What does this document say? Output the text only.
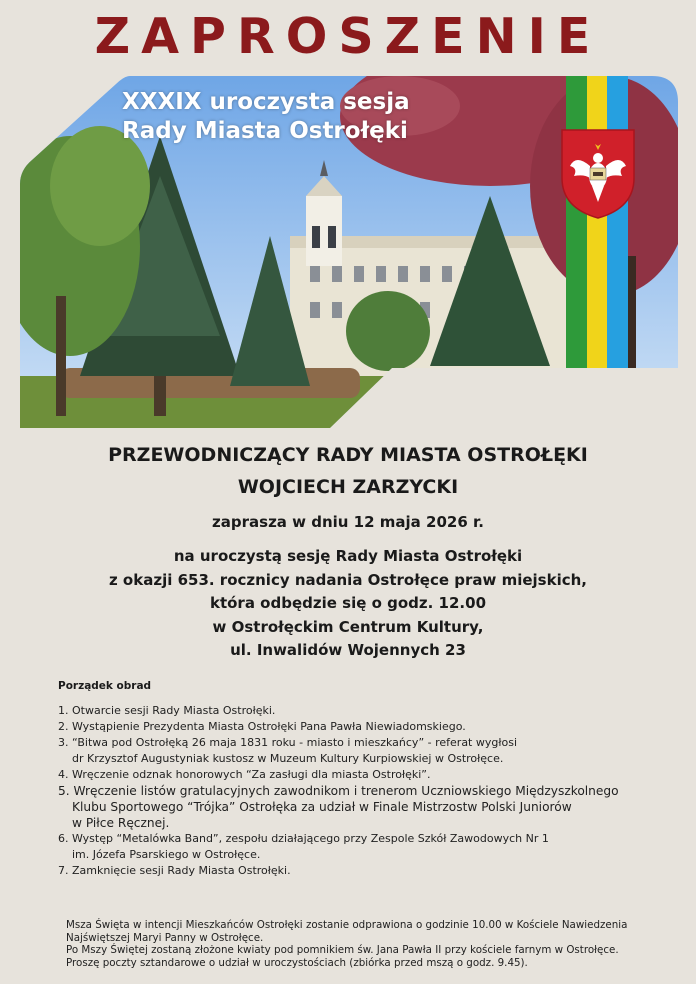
ZAPROSZENIE
XXXIX uroczysta sesja
Rady Miasta Ostrołęki
PRZEWODNICZĄCY RADY MIASTA OSTROŁĘKI
WOJCIECH ZARZYCKI
zaprasza w dniu 12 maja 2026 r.
na uroczystą sesję Rady Miasta Ostrołęki
z okazji 653. rocznicy nadania Ostrołęce praw miejskich,
która odbędzie się o godz. 12.00
w Ostrołęckim Centrum Kultury,
ul. Inwalidów Wojennych 23
Porządek obrad
1. Otwarcie sesji Rady Miasta Ostrołęki.
2. Wystąpienie Prezydenta Miasta Ostrołęki Pana Pawła Niewiadomskiego.
3. “Bitwa pod Ostrołęką 26 maja 1831 roku - miasto i mieszkańcy” - referat wygłosi
dr Krzysztof Augustyniak kustosz w Muzeum Kultury Kurpiowskiej w Ostrołęce.
4. Wręczenie odznak honorowych “Za zasługi dla miasta Ostrołęki”.
5. Wręczenie listów gratulacyjnych zawodnikom i trenerom Uczniowskiego Międzyszkolnego
Klubu Sportowego “Trójka” Ostrołęka za udział w Finale Mistrzostw Polski Juniorów
w Piłce Ręcznej.
6. Występ “Metalówka Band”, zespołu działającego przy Zespole Szkół Zawodowych Nr 1
im. Józefa Psarskiego w Ostrołęce.
7. Zamknięcie sesji Rady Miasta Ostrołęki.
Msza Święta w intencji Mieszkańców Ostrołęki zostanie odprawiona o godzinie 10.00 w Kościele Nawiedzenia
Najświętszej Maryi Panny w Ostrołęce.
Po Mszy Świętej zostaną złożone kwiaty pod pomnikiem św. Jana Pawła II przy kościele farnym w Ostrołęce.
Proszę poczty sztandarowe o udział w uroczystościach (zbiórka przed mszą o godz. 9.45).
